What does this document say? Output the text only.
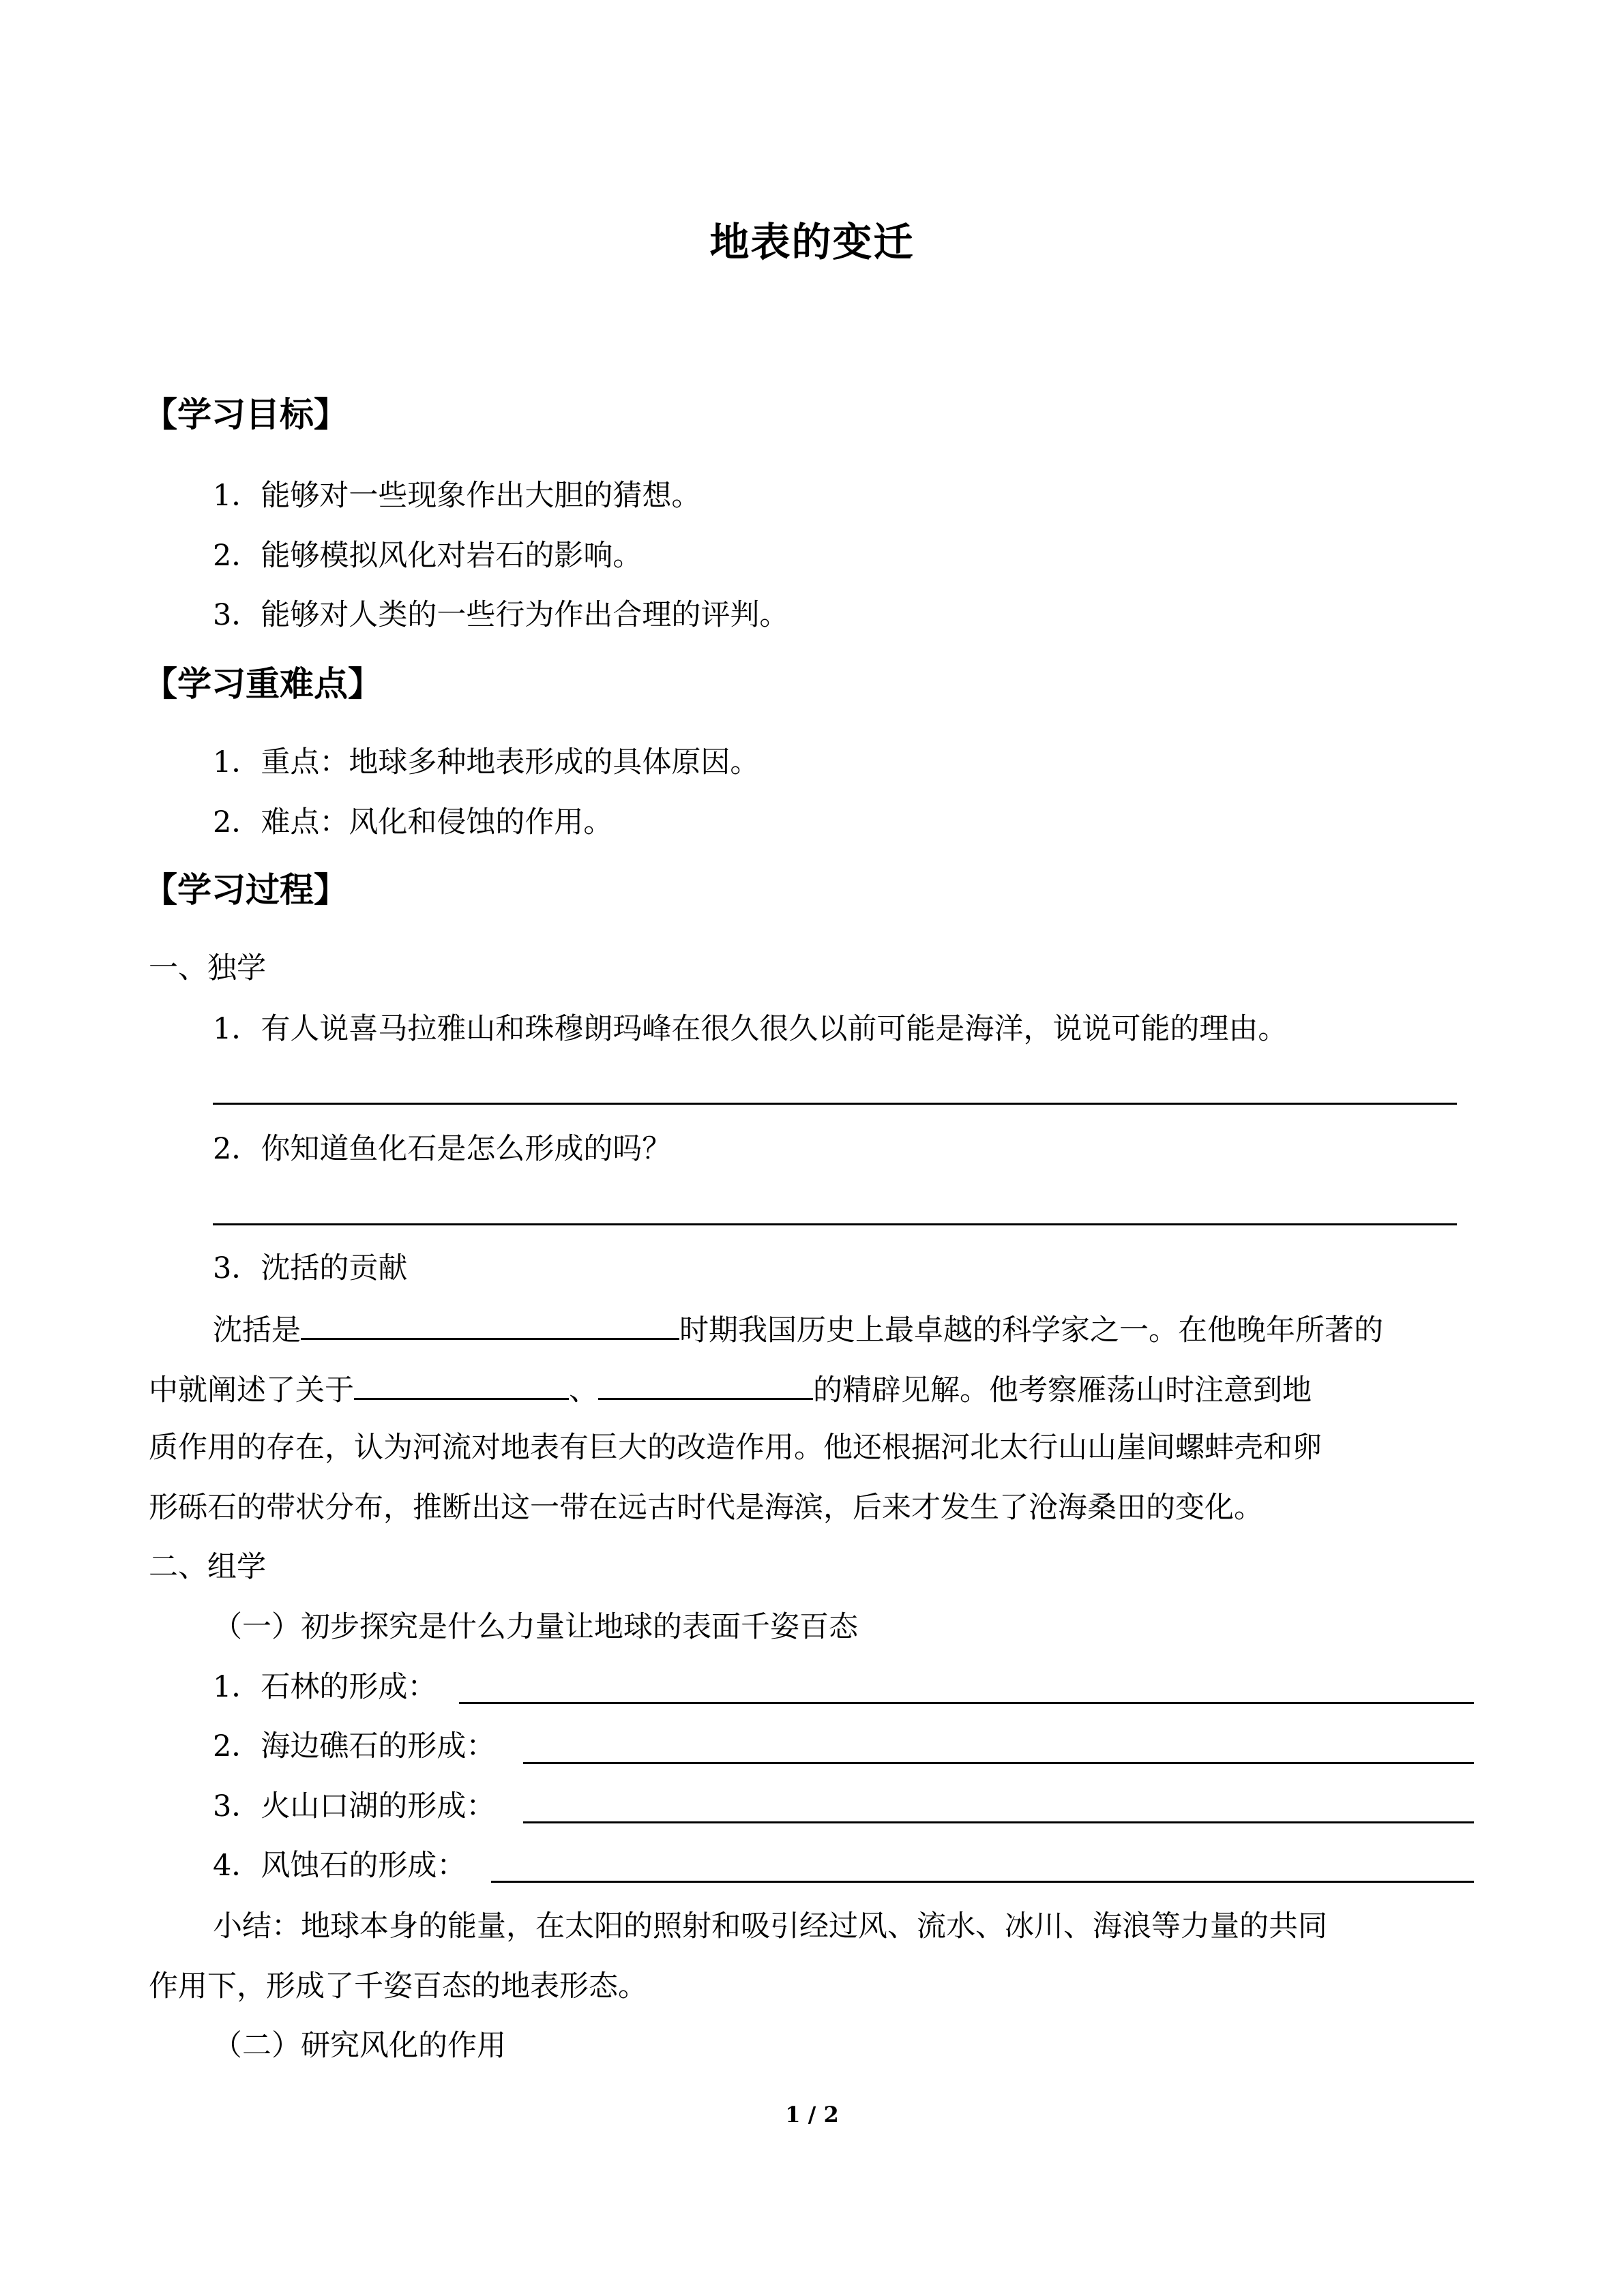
地表的变迁
【学习目标】
1．能够对一些现象作出大胆的猜想。
2．能够模拟风化对岩石的影响。
3．能够对人类的一些行为作出合理的评判。
【学习重难点】
1．重点：地球多种地表形成的具体原因。
2．难点：风化和侵蚀的作用。
【学习过程】
一、独学
1．有人说喜马拉雅山和珠穆朗玛峰在很久很久以前可能是海洋，说说可能的理由。
2．你知道鱼化石是怎么形成的吗？
3．沈括的贡献
沈括是	时期我国历史上最卓越的科学家之一。在他晚年所著的
中就阐述了关于	、	的精辟见解。他考察雁荡山时注意到地
质作用的存在，认为河流对地表有巨大的改造作用。他还根据河北太行山山崖间螺蚌壳和卵
形砾石的带状分布，推断出这一带在远古时代是海滨，后来才发生了沧海桑田的变化。
二、组学
（一）初步探究是什么力量让地球的表面千姿百态
1．石林的形成：
2．海边礁石的形成：
3．火山口湖的形成：
4．风蚀石的形成：
小结：地球本身的能量，在太阳的照射和吸引经过风、流水、冰川、海浪等力量的共同
作用下，形成了千姿百态的地表形态。
（二）研究风化的作用
1 / 2
